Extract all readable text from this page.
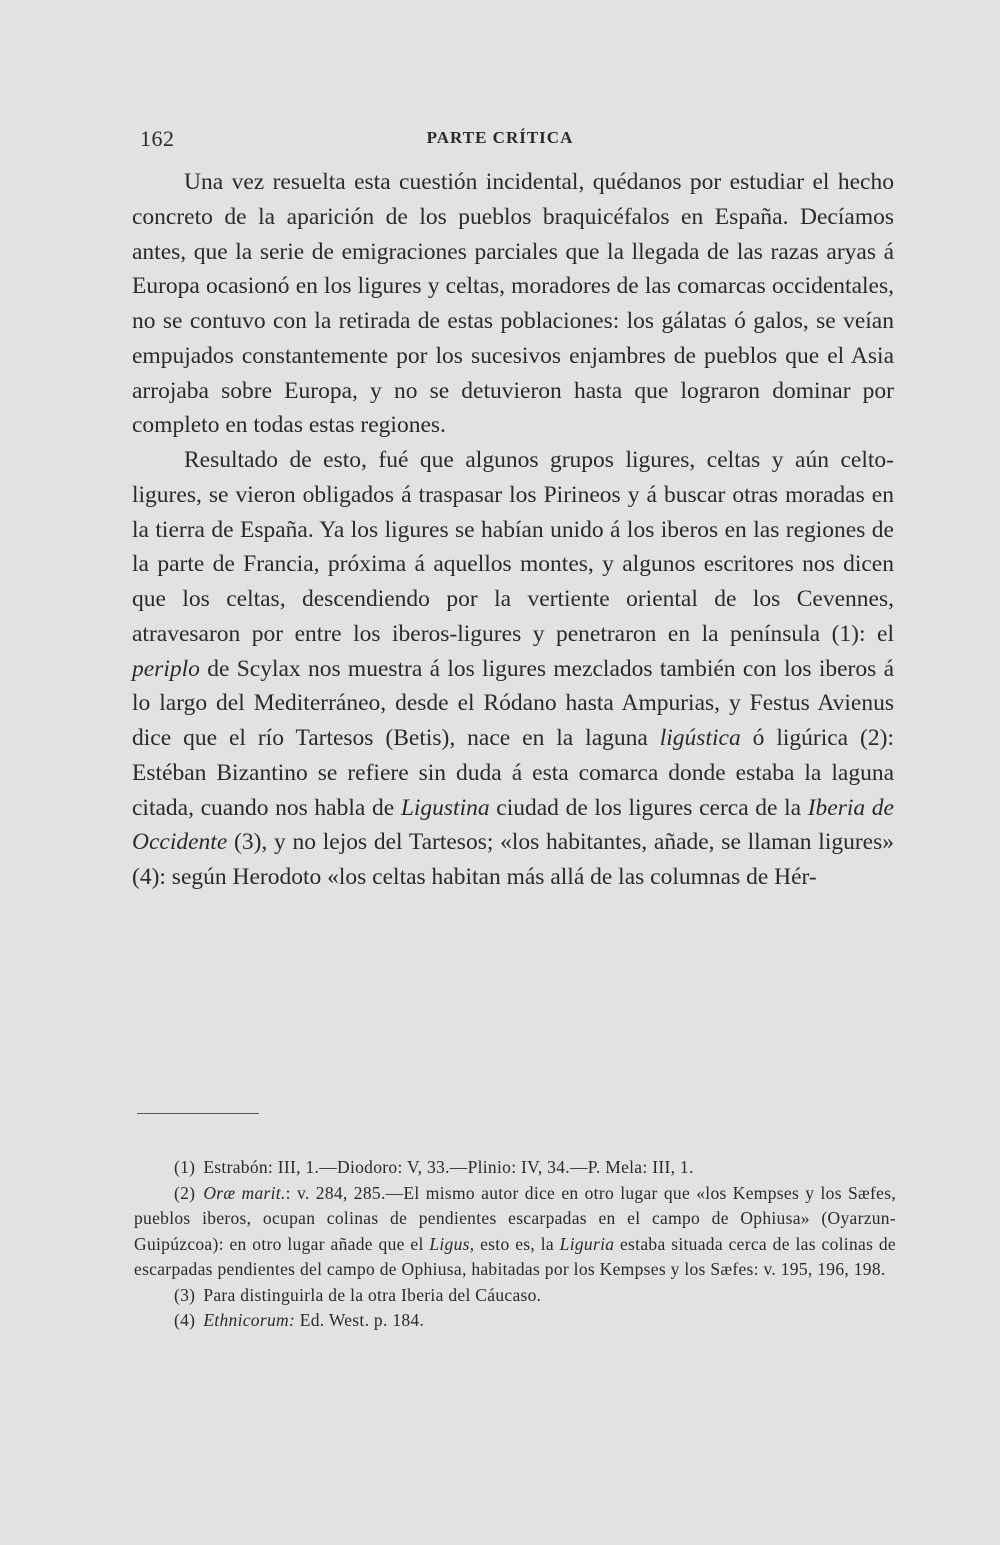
162	PARTE CRÍTICA

Una vez resuelta esta cuestión incidental, quédanos por estudiar el hecho concreto de la aparición de los pueblos braquicéfalos en España. Decíamos antes, que la serie de emigraciones parciales que la llegada de las razas aryas á Europa ocasionó en los ligures y celtas, moradores de las comarcas occidentales, no se contuvo con la retirada de estas poblaciones: los gálatas ó galos, se veían empujados constantemente por los sucesivos enjambres de pueblos que el Asia arrojaba sobre Europa, y no se detuvieron hasta que lograron dominar por completo en todas estas regiones.

Resultado de esto, fué que algunos grupos ligures, celtas y aún celto-ligures, se vieron obligados á traspasar los Pirineos y á buscar otras moradas en la tierra de España. Ya los ligures se habían unido á los iberos en las regiones de la parte de Francia, próxima á aquellos montes, y algunos escritores nos dicen que los celtas, descendiendo por la vertiente oriental de los Cevennes, atravesaron por entre los iberos-ligures y penetraron en la península (1): el periplo de Scylax nos muestra á los ligures mezclados también con los iberos á lo largo del Mediterráneo, desde el Ródano hasta Ampurias, y Festus Avienus dice que el río Tartesos (Betis), nace en la laguna ligústica ó ligúrica (2): Estéban Bizantino se refiere sin duda á esta comarca donde estaba la laguna citada, cuando nos habla de Ligustina ciudad de los ligures cerca de la Iberia de Occidente (3), y no lejos del Tartesos; «los habitantes, añade, se llaman ligures» (4): según Herodoto «los celtas habitan más allá de las columnas de Hér-

(1) Estrabón: III, 1.—Diodoro: V, 33.—Plinio: IV, 34.—P. Mela: III, 1.

(2) Oræ marit.: v. 284, 285.—El mismo autor dice en otro lugar que «los Kempses y los Sæfes, pueblos iberos, ocupan colinas de pendientes escarpadas en el campo de Ophiusa» (Oyarzun-Guipúzcoa): en otro lugar añade que el Ligus, esto es, la Liguria estaba situada cerca de las colinas de escarpadas pendientes del campo de Ophiusa, habitadas por los Kempses y los Sæfes: v. 195, 196, 198.

(3) Para distinguirla de la otra Iberia del Cáucaso.

(4) Ethnicorum: Ed. West. p. 184.
